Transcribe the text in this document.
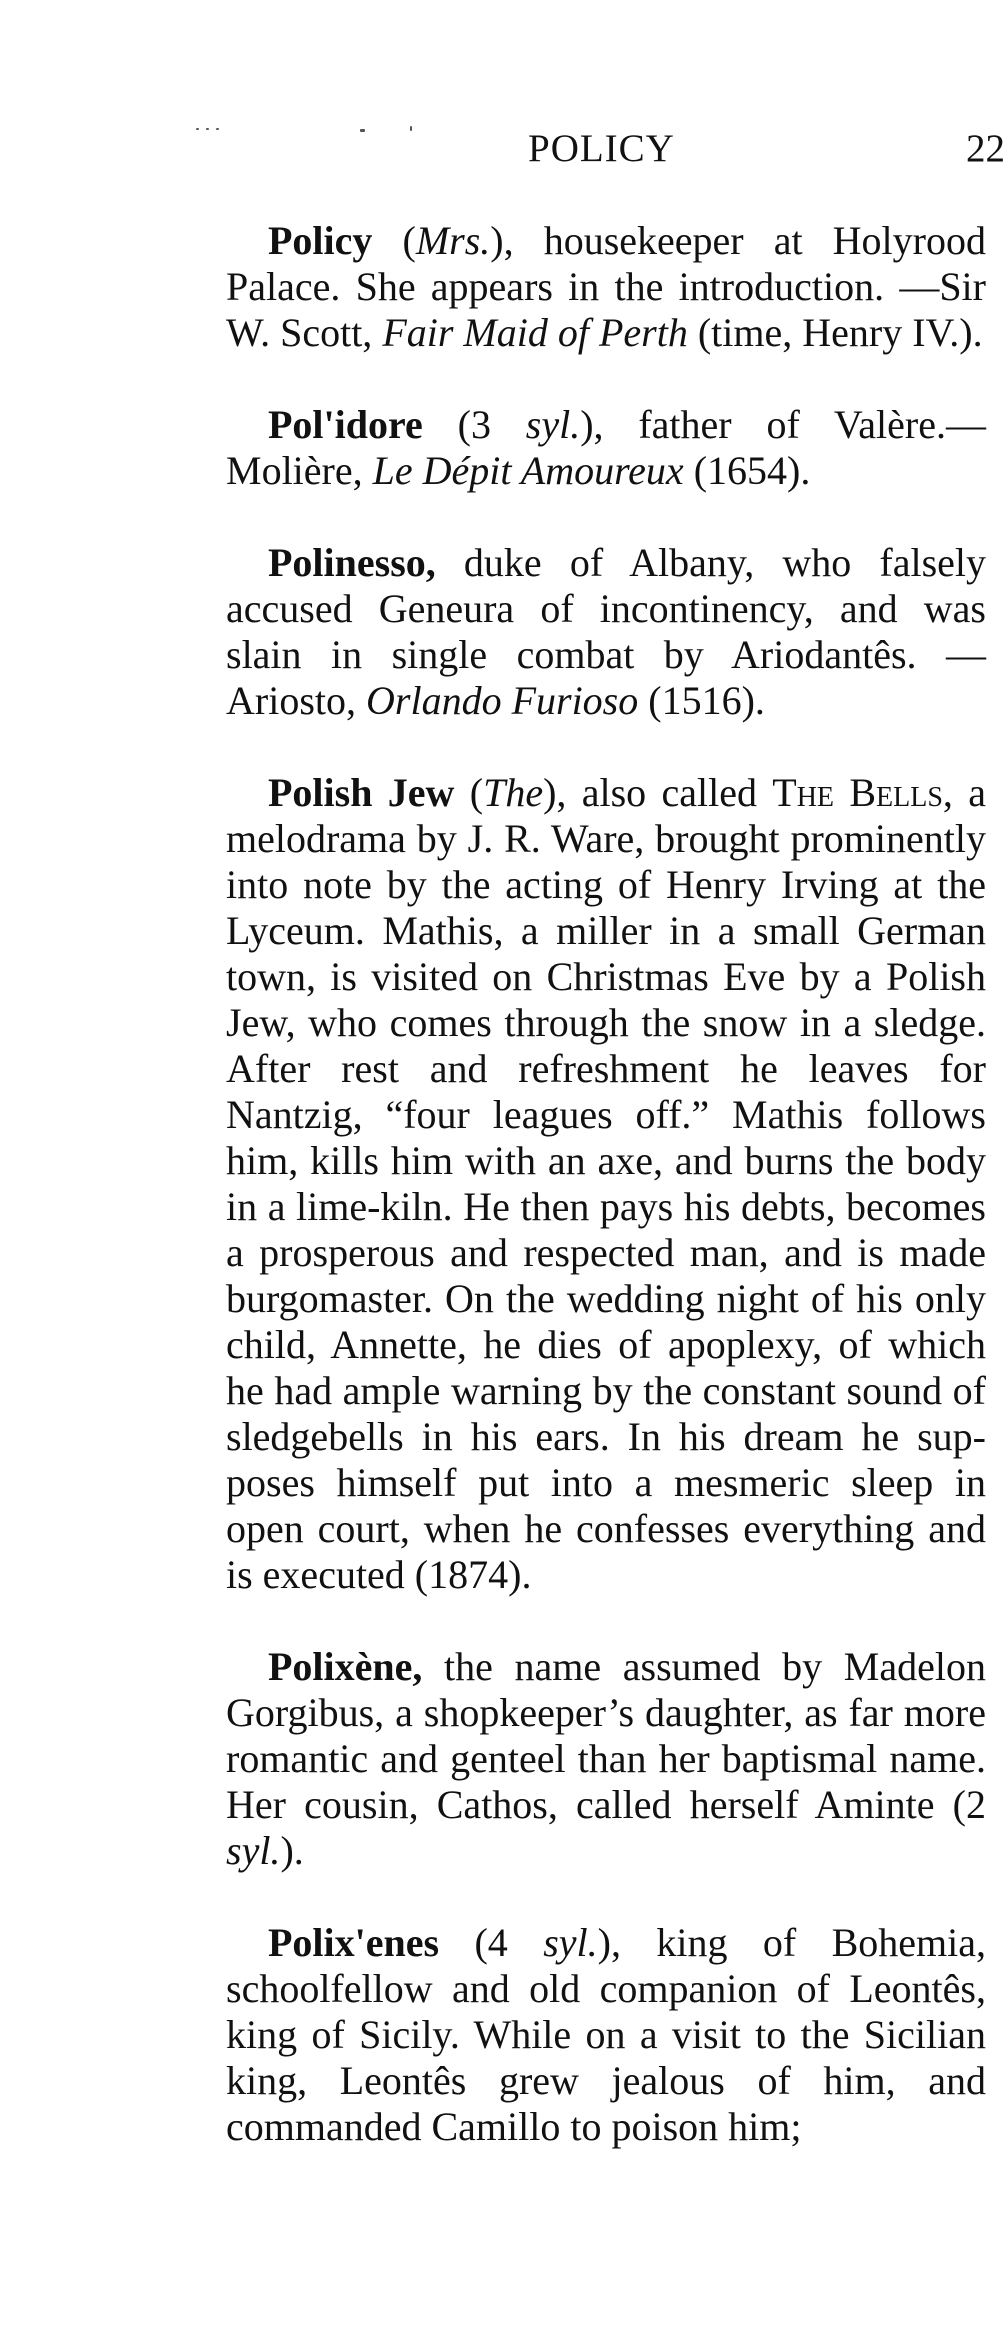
POLICY	22

Policy (Mrs.), housekeeper at Holyrood Palace. She appears in the introduction. —Sir W. Scott, Fair Maid of Perth (time, Henry IV.).

Pol'idore (3 syl.), father of Valère.— Molière, Le Dépit Amoureux (1654).

Polinesso, duke of Albany, who falsely accused Geneura of incontinency, and was slain in single combat by Ariodantês. —Ariosto, Orlando Furioso (1516).

Polish Jew (The), also called The Bells, a melodrama by J. R. Ware, brought prominently into note by the acting of Henry Irving at the Lyceum. Mathis, a miller in a small German town, is visited on Christmas Eve by a Polish Jew, who comes through the snow in a sledge. After rest and refreshment he leaves for Nantzig, “four leagues off.” Mathis follows him, kills him with an axe, and burns the body in a lime-kiln. He then pays his debts, becomes a prosperous and respected man, and is made burgomaster. On the wedding night of his only child, Annette, he dies of apoplexy, of which he had ample warning by the constant sound of sledgebells in his ears. In his dream he supposes himself put into a mesmeric sleep in open court, when he confesses everything and is executed (1874).

Polixène, the name assumed by Madelon Gorgibus, a shopkeeper’s daughter, as far more romantic and genteel than her baptismal name. Her cousin, Cathos, called herself Aminte (2 syl.).

Polix'enes (4 syl.), king of Bohemia, schoolfellow and old companion of Leontês, king of Sicily. While on a visit to the Sicilian king, Leontês grew jealous of him, and commanded Camillo to poison him;
